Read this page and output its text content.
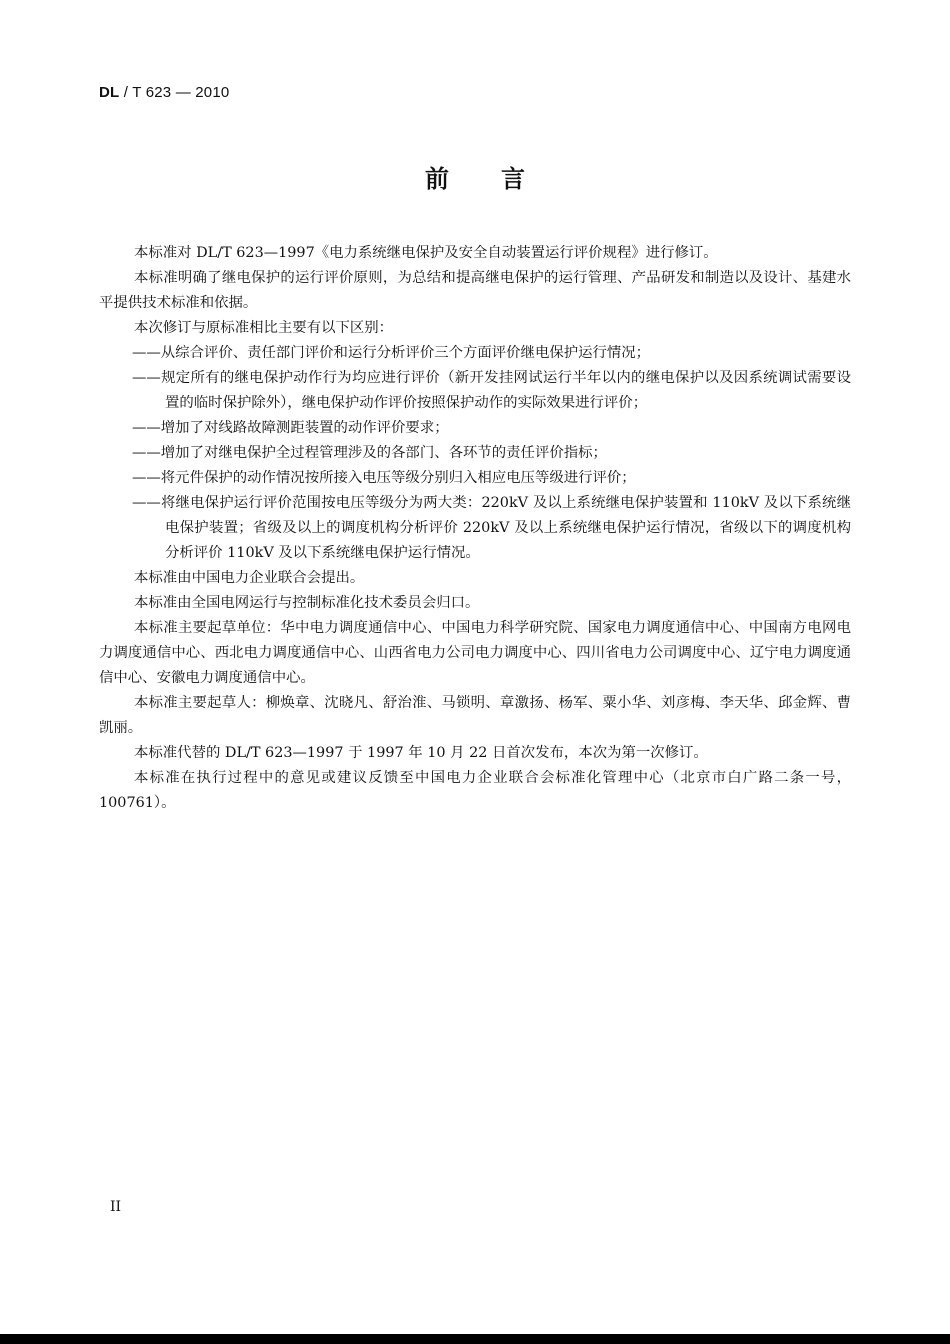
DL / T 623 — 2010
前言

本标准对 DL/T 623—1997《电力系统继电保护及安全自动装置运行评价规程》进行修订。

本标准明确了继电保护的运行评价原则，为总结和提高继电保护的运行管理、产品研发和制造以及设计、基建水平提供技术标准和依据。

本次修订与原标准相比主要有以下区别：

——从综合评价、责任部门评价和运行分析评价三个方面评价继电保护运行情况；

——规定所有的继电保护动作行为均应进行评价（新开发挂网试运行半年以内的继电保护以及因系统调试需要设置的临时保护除外），继电保护动作评价按照保护动作的实际效果进行评价；

——增加了对线路故障测距装置的动作评价要求；

——增加了对继电保护全过程管理涉及的各部门、各环节的责任评价指标；

——将元件保护的动作情况按所接入电压等级分别归入相应电压等级进行评价；

——将继电保护运行评价范围按电压等级分为两大类：220kV 及以上系统继电保护装置和 110kV 及以下系统继电保护装置；省级及以上的调度机构分析评价 220kV 及以上系统继电保护运行情况，省级以下的调度机构分析评价 110kV 及以下系统继电保护运行情况。

本标准由中国电力企业联合会提出。

本标准由全国电网运行与控制标准化技术委员会归口。

本标准主要起草单位：华中电力调度通信中心、中国电力科学研究院、国家电力调度通信中心、中国南方电网电力调度通信中心、西北电力调度通信中心、山西省电力公司电力调度中心、四川省电力公司调度中心、辽宁电力调度通信中心、安徽电力调度通信中心。

本标准主要起草人：柳焕章、沈晓凡、舒治淮、马锁明、章激扬、杨军、粟小华、刘彦梅、李天华、邱金辉、曹凯丽。

本标准代替的 DL/T 623—1997 于 1997 年 10 月 22 日首次发布，本次为第一次修订。

本标准在执行过程中的意见或建议反馈至中国电力企业联合会标准化管理中心（北京市白广路二条一号，100761）。

II
